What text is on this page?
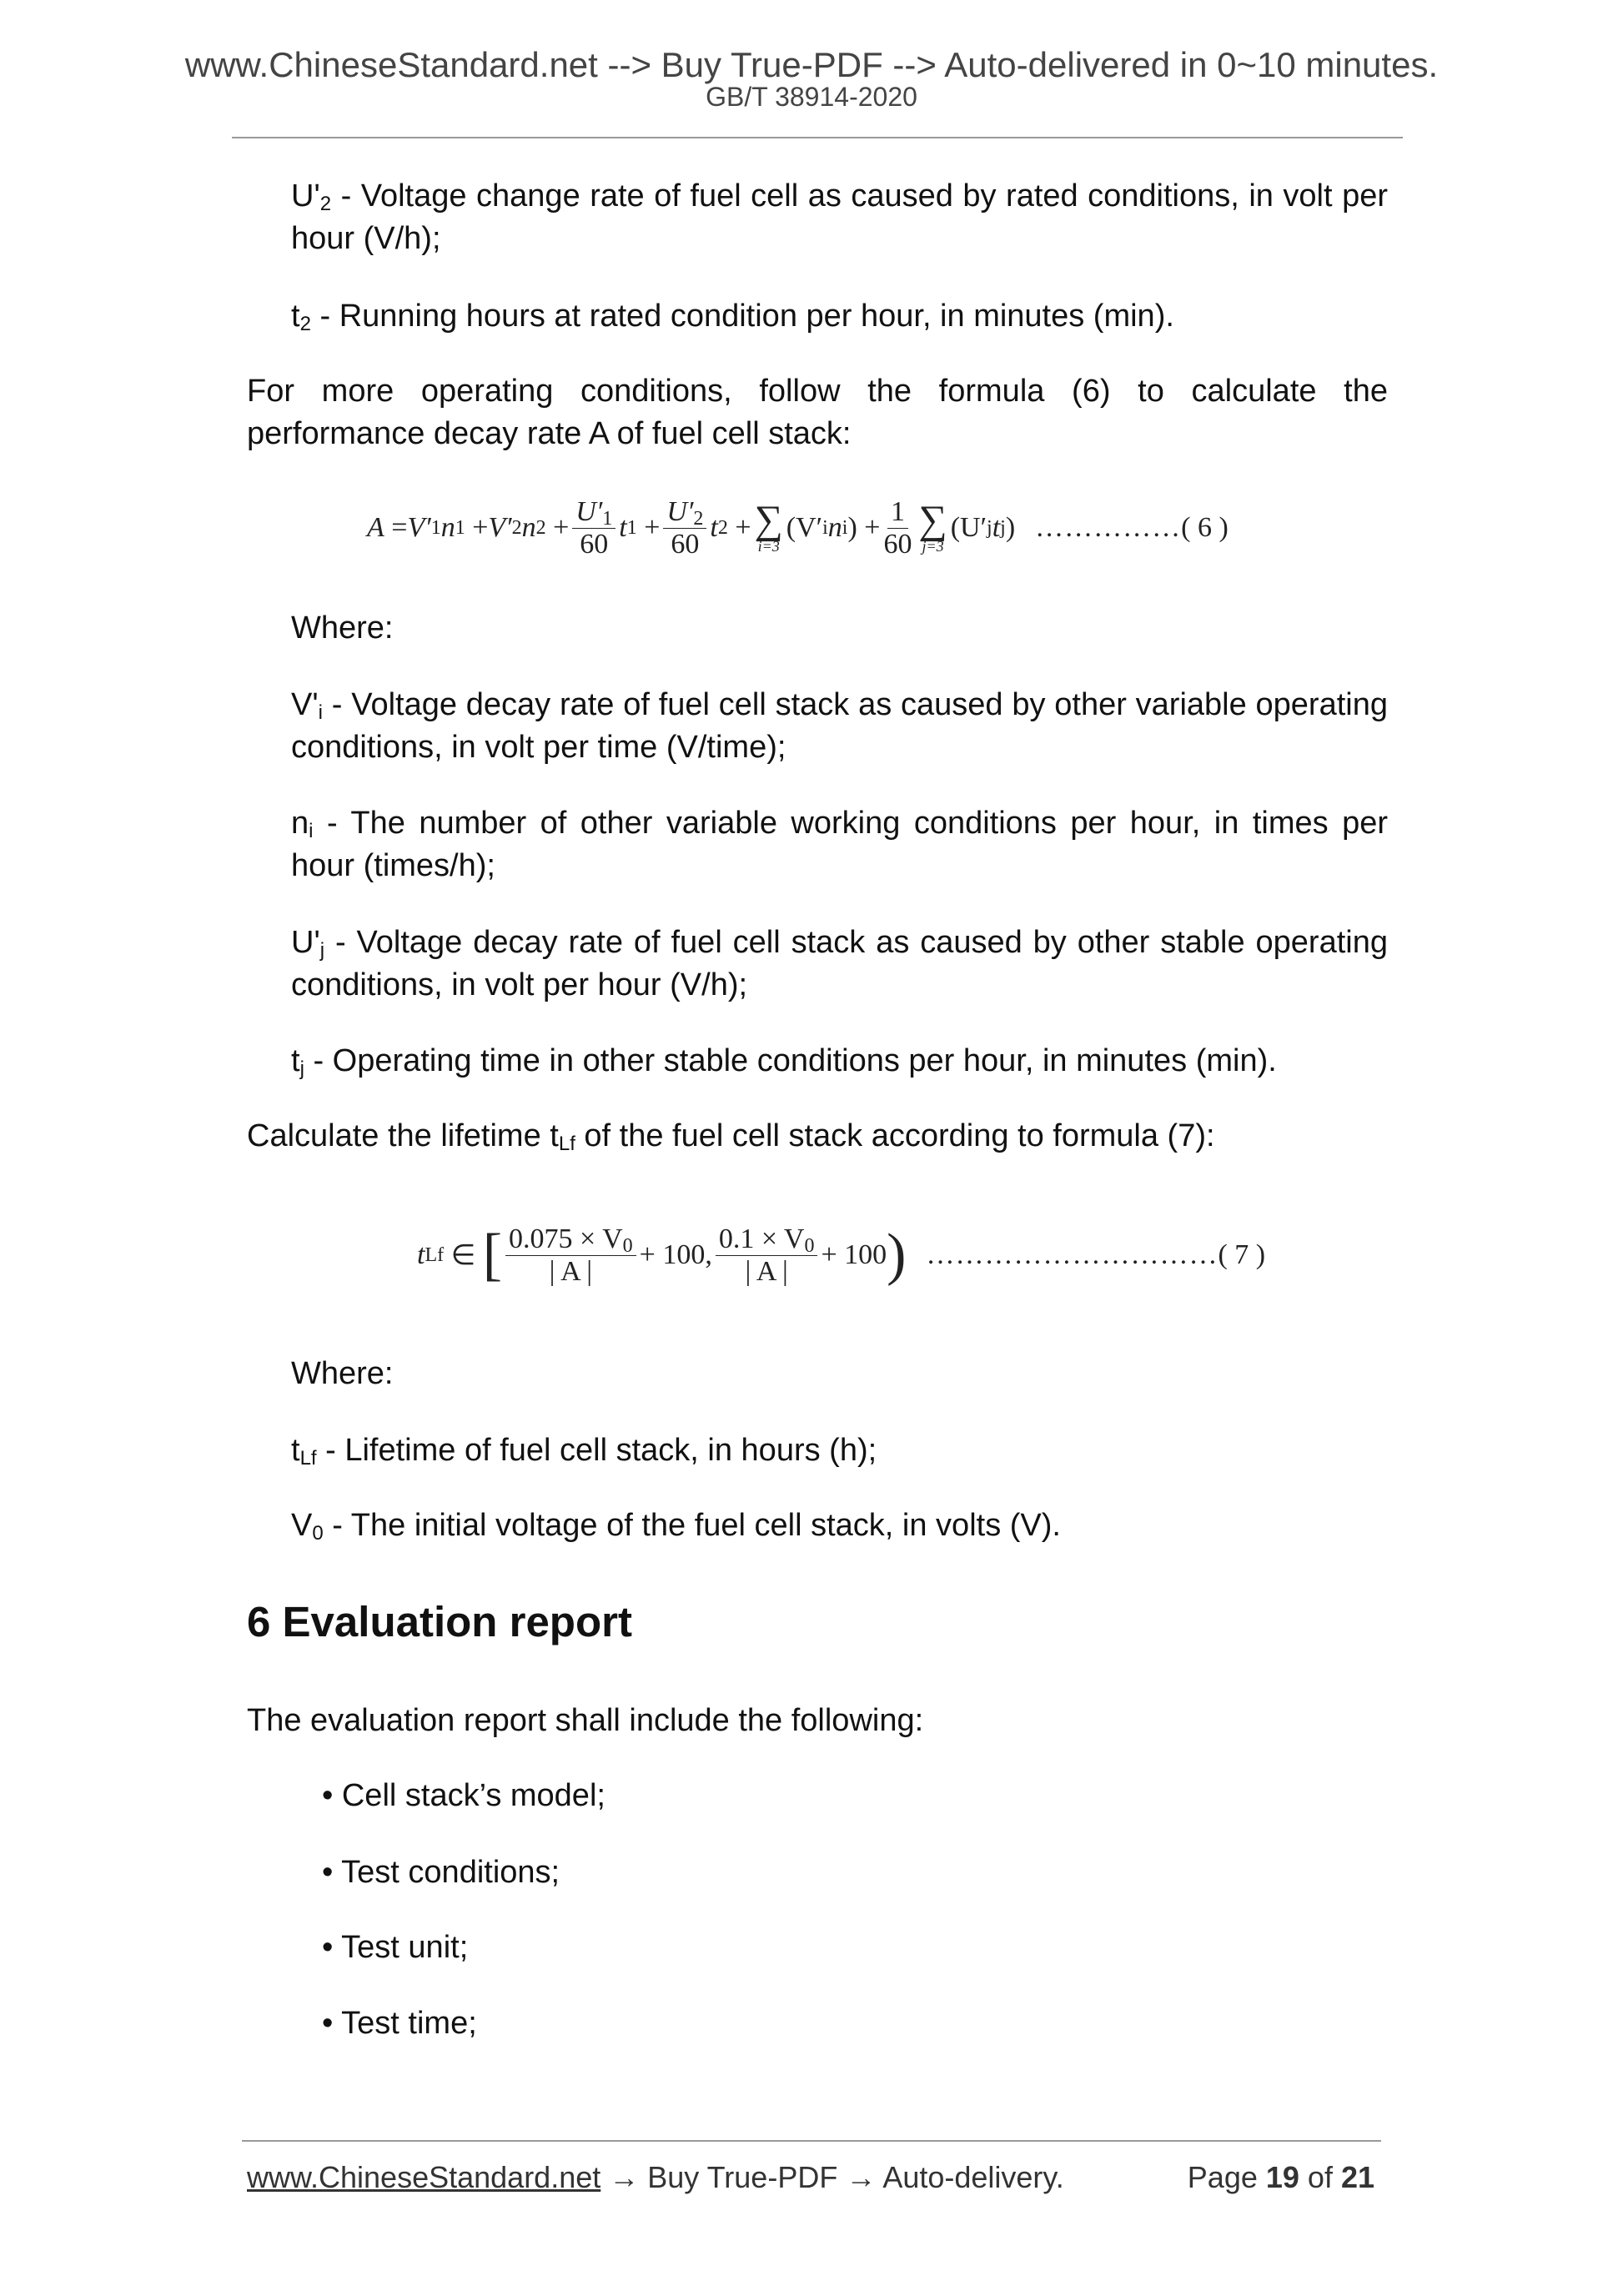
www.ChineseStandard.net --> Buy True-PDF --> Auto-delivered in 0~10 minutes.
GB/T 38914-2020
$U'_2$ - Voltage change rate of fuel cell as caused by rated conditions, in volt per hour (V/h);
$t_2$ - Running hours at rated condition per hour, in minutes (min).
For more operating conditions, follow the formula (6) to calculate the performance decay rate A of fuel cell stack:
A
= V′ 1 n 1
+ V′ 2 n 2
+ $\frac{U'_1}{60}$ t 1
+ $\frac{U'_2}{60}$ t 2
+ ∑
i=3
(V′ i n i )
+ $\frac{1}{60}$ ∑
j=3
(U′ j t j ) …………… ( 6 )
Where:
$V'_i$ - Voltage decay rate of fuel cell stack as caused by other variable operating conditions, in volt per time (V/time);
$n_i$ - The number of other variable working conditions per hour, in times per hour (times/h);
$U'_j$ - Voltage decay rate of fuel cell stack as caused by other stable operating conditions, in volt per hour (V/h);
$t_j$ - Operating time in other stable conditions per hour, in minutes (min).
Calculate the lifetime $t_{Lf}$ of the fuel cell stack according to formula (7):
t Lf
∈
[ $\frac{0.075 \times V_0}{| A |} + 100$, $\frac{0.1 \times V_0}{| A |} + 100$ ) ………………………… ( 7 )
Where:
$t_{Lf}$ - Lifetime of fuel cell stack, in hours (h);
$V_0$ - The initial voltage of the fuel cell stack, in volts (V).
6 Evaluation report
The evaluation report shall include the following:
• Cell stack’s model;
• Test conditions;
• Test unit;
• Test time;
www.ChineseStandard.net → Buy True-PDF → Auto-delivery.	Page 19 of 21
